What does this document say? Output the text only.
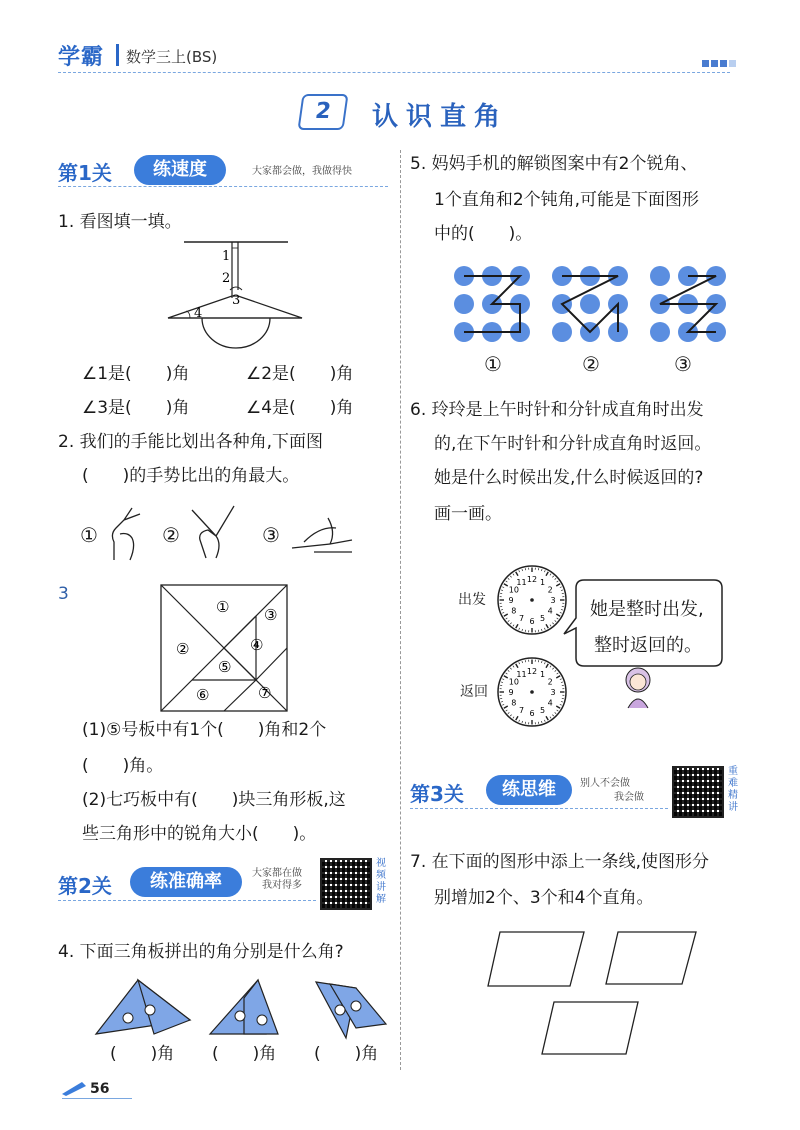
学霸 数学三上(BS)
2	认识直角
第1关	练速度	大家都会做，我做得快
1. 看图填一填。
1
2
3
4
∠1是(　　)角	∠2是(　　)角
∠3是(　　)角	∠4是(　　)角
2. 我们的手能比划出各种角,下面图
(　　)的手势比出的角最大。
①	②	③
3
①
②
③
④
⑤
⑥	⑦
(1)⑤号板中有1个(　　)角和2个
(　　)角。
(2)七巧板中有(　　)块三角形板,这
些三角形中的锐角大小(　　)。
第2关	练准确率	大家都在做
我对得多
视频讲解
4. 下面三角板拼出的角分别是什么角?
(　　)角 (　　)角 (　　)角
5. 妈妈手机的解锁图案中有2个锐角、
1个直角和2个钝角,可能是下面图形
中的(　　)。
①	②	③
6. 玲玲是上午时针和分针成直角时出发
的,在下午时针和分针成直角时返回。
她是什么时候出发,什么时候返回的?
画一画。
出发
返回
12 1
2
3
4
5
6
7
8
9
10
11
12 1
2
3
4
5
6
7
8
9
10
11
她是整时出发,
整时返回的。
第3关	练思维	别人不会做
我会做
重难精讲
7. 在下面的图形中添上一条线,使图形分
别增加2个、3个和4个直角。
56
